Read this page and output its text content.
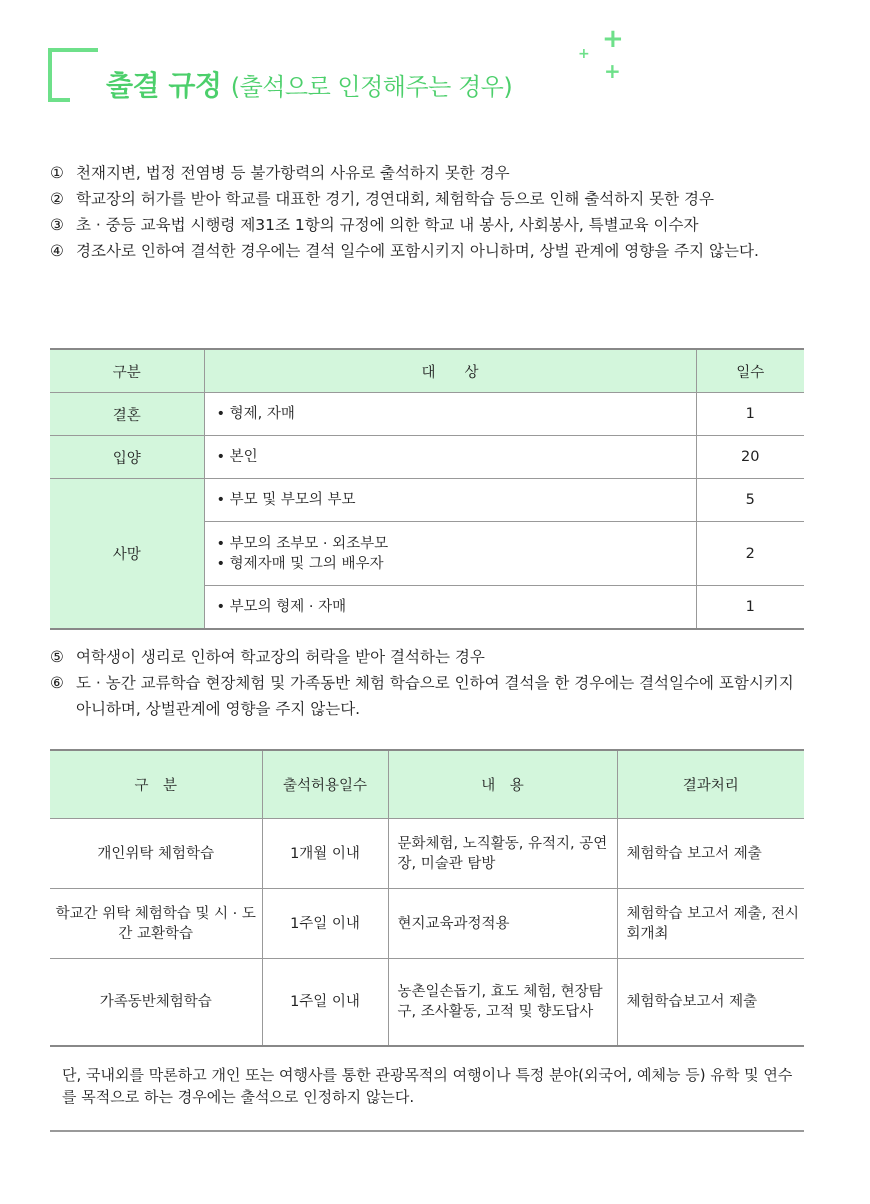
출결 규정 (출석으로 인정해주는 경우)
+
+
+
① 천재지변, 법정 전염병 등 불가항력의 사유로 출석하지 못한 경우
② 학교장의 허가를 받아 학교를 대표한 경기, 경연대회, 체험학습 등으로 인해 출석하지 못한 경우
③ 초 · 중등 교육법 시행령 제31조 1항의 규정에 의한 학교 내 봉사, 사회봉사, 특별교육 이수자
④ 경조사로 인하여 결석한 경우에는 결석 일수에 포함시키지 아니하며, 상벌 관계에 영향을 주지 않는다.
구분	대　　상	일수
결혼	• 형제, 자매	1
입양	• 본인	20
사망	• 부모 및 부모의 부모	5

	• 부모의 조부모 · 외조부모
• 형제자매 및 그의 배우자	2
	• 부모의 형제 · 자매	1
⑤ 여학생이 생리로 인하여 학교장의 허락을 받아 결석하는 경우
⑥ 도 · 농간 교류학습 현장체험 및 가족동반 체험 학습으로 인하여 결석을 한 경우에는 결석일수에 포함시키지 아니하며, 상벌관계에 영향을 주지 않는다.
구　분	출석허용일수	내　용	결과처리
개인위탁 체험학습	1개월 이내	문화체험, 노직활동, 유적지, 공연장, 미술관 탐방	체험학습 보고서 제출
학교간 위탁 체험학습 및 시 · 도간 교환학습	1주일 이내	현지교육과정적용	체험학습 보고서 제출, 전시회개최
가족동반체험학습	1주일 이내	농촌일손돕기, 효도 체험, 현장탐구, 조사활동, 고적 및 향도답사	체험학습보고서 제출
단, 국내외를 막론하고 개인 또는 여행사를 통한 관광목적의 여행이나 특정 분야(외국어, 예체능 등) 유학 및 연수를 목적으로 하는 경우에는 출석으로 인정하지 않는다.
